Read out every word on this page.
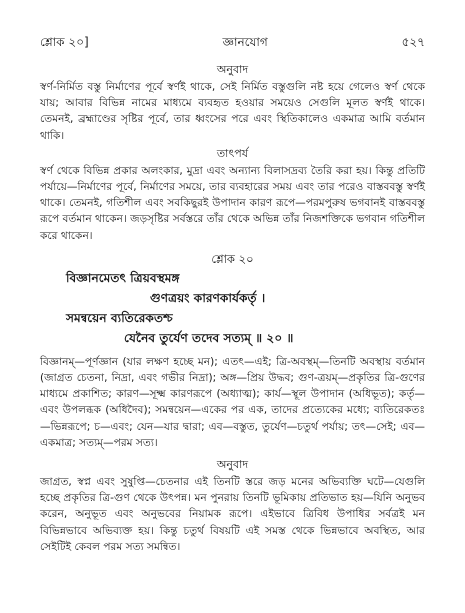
শ্লোক ২০]	জ্ঞানযোগ	৫২৭
অনুবাদ

স্বর্ণ-নির্মিত বস্তু নির্মাণের পূর্বে স্বর্ণই থাকে, সেই নির্মিত বস্তুগুলি নষ্ট হয়ে গেলেও স্বর্ণ থেকে যায়; আবার বিভিন্ন নামের মাধ্যমে ব্যবহৃত হওয়ার সময়েও সেগুলি মূলত স্বর্ণই থাকে। তেমনই, ব্রহ্মাণ্ডের সৃষ্টির পূর্বে, তার ধ্বংসের পরে এবং স্থিতিকালেও একমাত্র আমি বর্তমান থাকি।

তাৎপর্য

স্বর্ণ থেকে বিভিন্ন প্রকার অলংকার, মুদ্রা এবং অন্যান্য বিলাসদ্রব্য তৈরি করা হয়। কিন্তু প্রতিটি পর্যায়ে—নির্মাণের পূর্বে, নির্মাণের সময়ে, তার ব্যবহারের সময় এবং তার পরেও বাস্তববস্তু স্বর্ণই থাকে। তেমনই, গতিশীল এবং সবকিছুরই উপাদান কারণ রূপে—পরমপুরুষ ভগবানই বাস্তববস্তু রূপে বর্তমান থাকেন। জড়সৃষ্টির সর্বস্তরে তাঁর থেকে অভিন্ন তাঁর নিজশক্তিকে ভগবান গতিশীল করে থাকেন।

শ্লোক ২০

বিজ্ঞানমেতৎ ত্রিয়বস্থমঙ্গ

গুণত্রয়ং কারণকার্যকর্তৃ ।

সমন্বয়েন ব্যতিরেকতশ্চ

যেনৈব তুর্যেণ তদেব সত্যম্ ॥ ২০ ॥

বিজ্ঞানম্—পূর্ণজ্ঞান (যার লক্ষণ হচ্ছে মন); এতৎ—এই; ত্রি-অবস্থম্—তিনটি অবস্থায় বর্তমান (জাগ্রত চেতনা, নিদ্রা, এবং গভীর নিদ্রা); অঙ্গ—প্রিয় উদ্ধব; গুণ-ত্রয়ম্—প্রকৃতির ত্রি-গুণের মাধ্যমে প্রকাশিত; কারণ—সূক্ষ্ম কারণরূপে (অধ্যাত্ম); কার্য—স্থূল উপাদান (অধিভূত); কর্তৃ—এবং উপলব্ধক (অধিদৈব); সমন্বয়েন—একের পর এক, তাদের প্রত্যেকের মধ্যে; ব্যতিরেকতঃ—ভিন্নরূপে; চ—এবং; যেন—যার দ্বারা; এব—বস্তুত, তুর্যেণ—চতুর্থ পর্যায়; তৎ—সেই; এব—একমাত্র; সত্যম্—পরম সত্য।

অনুবাদ

জাগ্রত, স্বপ্ন এবং সুষুপ্তি—চেতনার এই তিনটি স্তরে জড় মনের অভিব্যক্তি ঘটে—যেগুলি হচ্ছে প্রকৃতির ত্রি-গুণ থেকে উৎপন্ন। মন পুনরায় তিনটি ভূমিকায় প্রতিভাত হয়—যিনি অনুভব করেন, অনুভূত এবং অনুভবের নিয়ামক রূপে। এইভাবে ত্রিবিধ উপাধির সর্বত্রই মন বিভিন্নভাবে অভিব্যক্ত হয়। কিন্তু চতুর্থ বিষয়টি এই সমস্ত থেকে ভিন্নভাবে অবস্থিত, আর সেইটিই কেবল পরম সত্য সমন্বিত।
